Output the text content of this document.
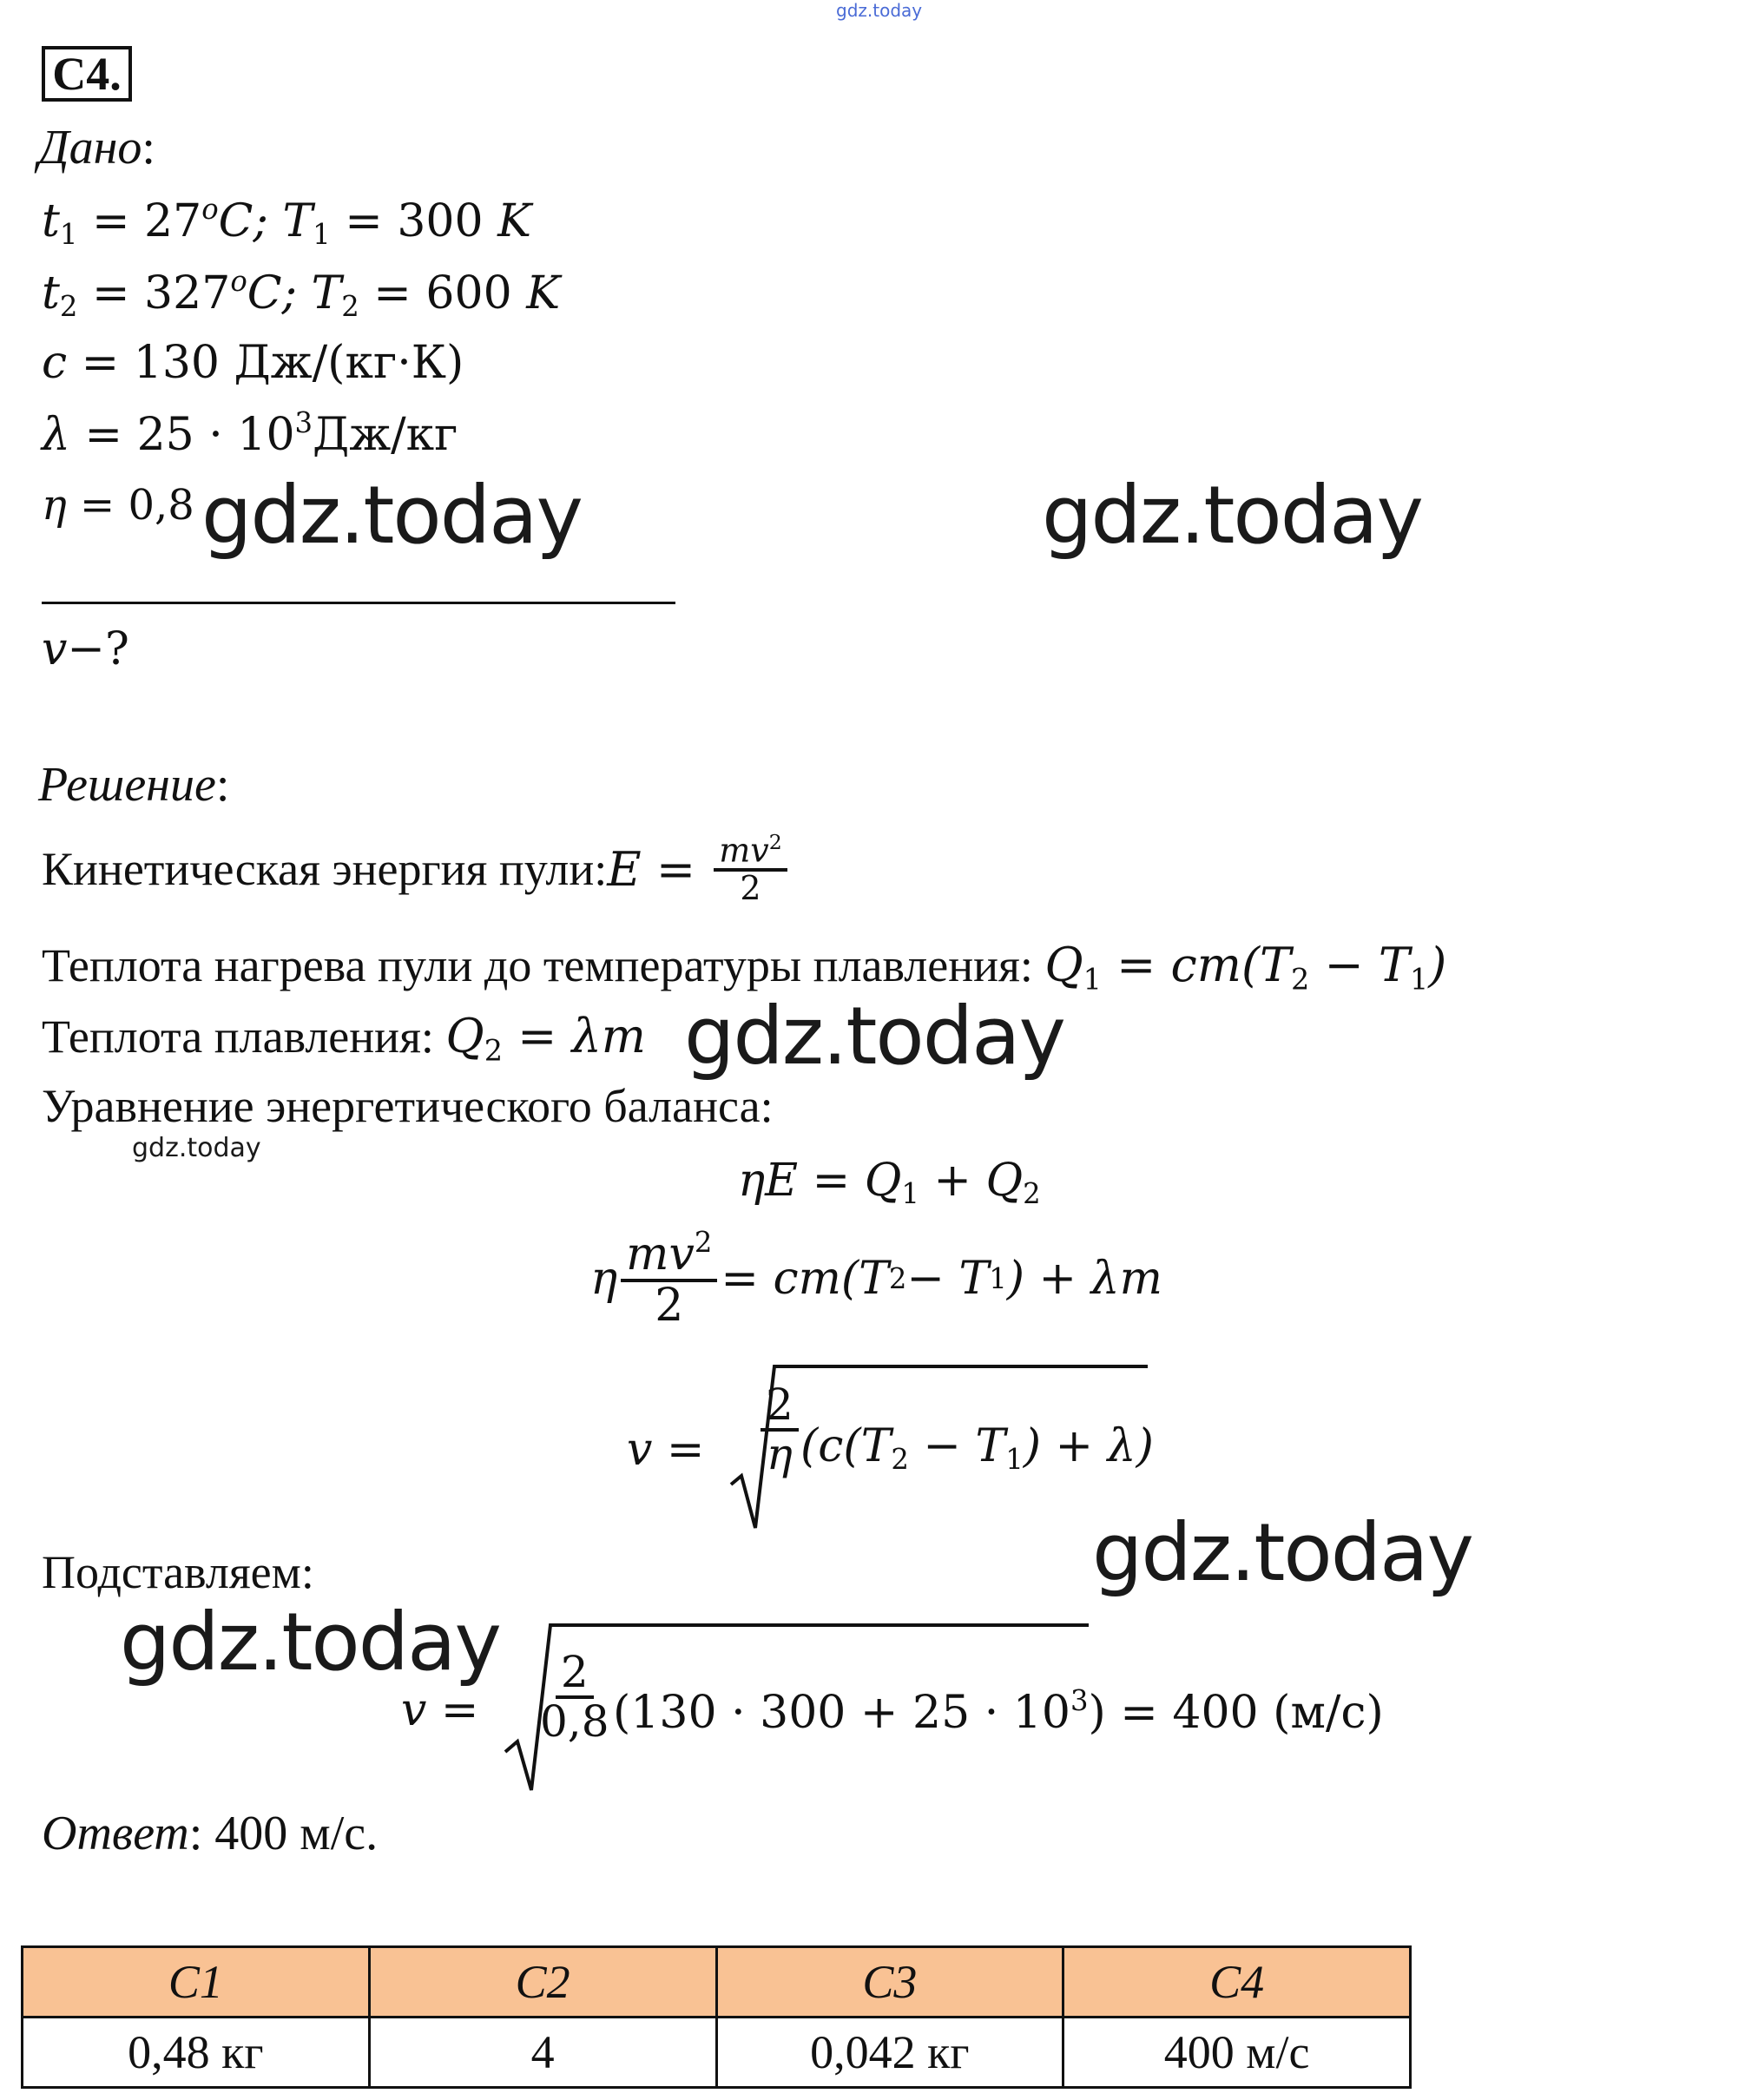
gdz.today
C4.
Дано:
$t_1 = 27^oC$; $T_1 = 300$ K
$t_2 = 327^oC$; $T_2 = 600$ K
c = 130 Дж/(кг·К)
$\lambda = 25 \cdot 10^3Дж/кг$
η = 0,8
v−?
Решение:
Кинетическая энергия пули: $E = \frac{mv^2}{2}$
Теплота нагрева пули до температуры плавления: $Q_1 = cm(T_2 - T_1)$
Теплота плавления: $Q_2 = \lambda m$
Уравнение энергетического баланса:
$\eta E = Q_1 + Q_2$
η $\frac{mv^2}{2} = cm(T$ 2 − T 1 ) + λm
$v = \frac{2}{\eta} (c(T_2 - T_1) + \lambda)$
Подставляем:
$v = \frac{2}{0,8}$
$(130 \cdot 300 + 25 \cdot 10^3) = 400$ (м/с)
Ответ: 400 м/с.
gdz.today	gdz.today
gdz.today
gdz.today
gdz.today
gdz.today
C1	C2	C3	C4
0,48 кг	4	0,042 кг	400 м/с
